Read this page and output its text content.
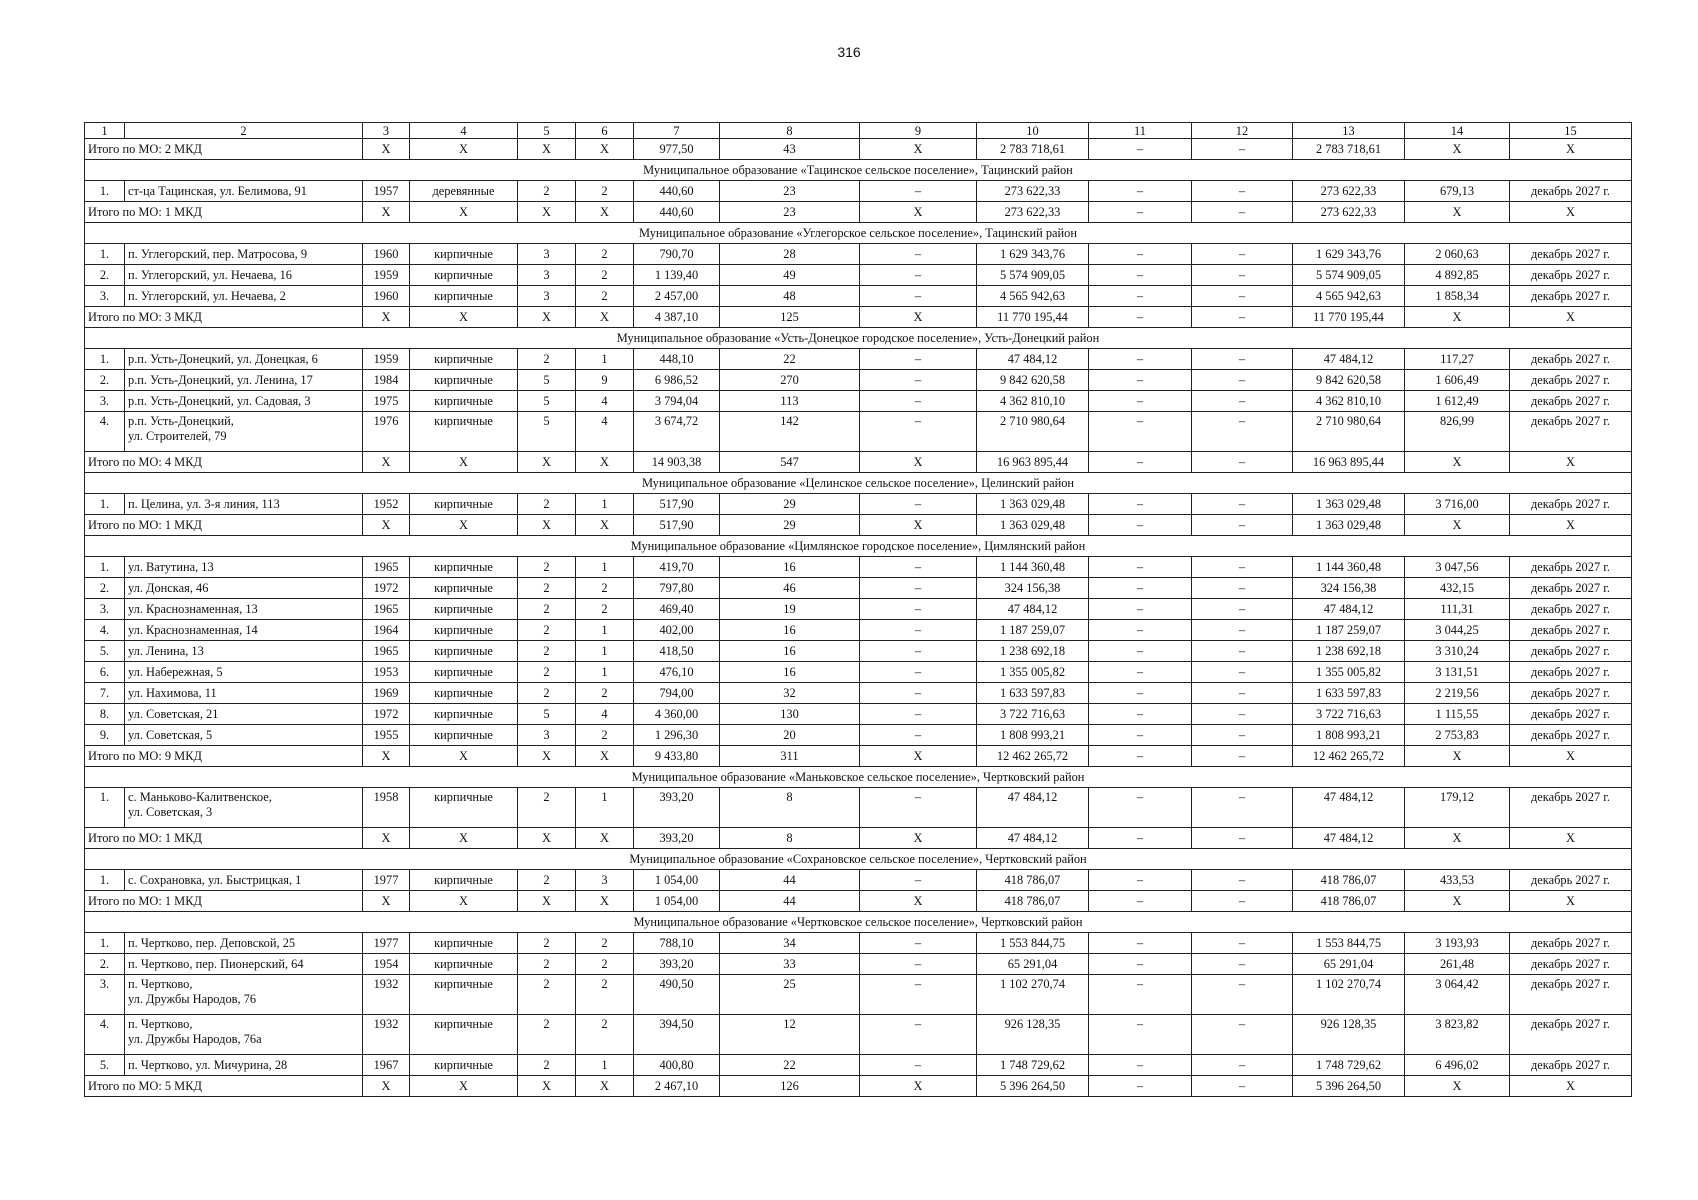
316
1	2	3	4	5	6	7	8	9	10	11	12	13	14	15
Итого по МО: 2 МКД		X	X	X	X	977,50	43	X	2 783 718,61	–	–	2 783 718,61	X	X
Муниципальное образование «Тацинское сельское поселение», Тацинский район														
1.	ст-ца Тацинская, ул. Белимова, 91	1957	деревянные	2	2	440,60	23	–	273 622,33	–	–	273 622,33	679,13	декабрь 2027 г.
Итого по МО: 1 МКД		X	X	X	X	440,60	23	X	273 622,33	–	–	273 622,33	X	X
Муниципальное образование «Углегорское сельское поселение», Тацинский район														
1.	п. Углегорский, пер. Матросова, 9	1960	кирпичные	3	2	790,70	28	–	1 629 343,76	–	–	1 629 343,76	2 060,63	декабрь 2027 г.
2.	п. Углегорский, ул. Нечаева, 16	1959	кирпичные	3	2	1 139,40	49	–	5 574 909,05	–	–	5 574 909,05	4 892,85	декабрь 2027 г.
3.	п. Углегорский, ул. Нечаева, 2	1960	кирпичные	3	2	2 457,00	48	–	4 565 942,63	–	–	4 565 942,63	1 858,34	декабрь 2027 г.
Итого по МО: 3 МКД		X	X	X	X	4 387,10	125	X	11 770 195,44	–	–	11 770 195,44	X	X
Муниципальное образование «Усть-Донецкое городское поселение», Усть-Донецкий район														
1.	р.п. Усть-Донецкий, ул. Донецкая, 6	1959	кирпичные	2	1	448,10	22	–	47 484,12	–	–	47 484,12	117,27	декабрь 2027 г.
2.	р.п. Усть-Донецкий, ул. Ленина, 17	1984	кирпичные	5	9	6 986,52	270	–	9 842 620,58	–	–	9 842 620,58	1 606,49	декабрь 2027 г.
3.	р.п. Усть-Донецкий, ул. Садовая, 3	1975	кирпичные	5	4	3 794,04	113	–	4 362 810,10	–	–	4 362 810,10	1 612,49	декабрь 2027 г.
4.	р.п. Усть-Донецкий,
ул. Строителей, 79	1976	кирпичные	5	4	3 674,72	142	–	2 710 980,64	–	–	2 710 980,64	826,99	декабрь 2027 г.
Итого по МО: 4 МКД		X	X	X	X	14 903,38	547	X	16 963 895,44	–	–	16 963 895,44	X	X
Муниципальное образование «Целинское сельское поселение», Целинский район														
1.	п. Целина, ул. 3-я линия, 113	1952	кирпичные	2	1	517,90	29	–	1 363 029,48	–	–	1 363 029,48	3 716,00	декабрь 2027 г.
Итого по МО: 1 МКД		X	X	X	X	517,90	29	X	1 363 029,48	–	–	1 363 029,48	X	X
Муниципальное образование «Цимлянское городское поселение», Цимлянский район														
1.	ул. Ватутина, 13	1965	кирпичные	2	1	419,70	16	–	1 144 360,48	–	–	1 144 360,48	3 047,56	декабрь 2027 г.
2.	ул. Донская, 46	1972	кирпичные	2	2	797,80	46	–	324 156,38	–	–	324 156,38	432,15	декабрь 2027 г.
3.	ул. Краснознаменная, 13	1965	кирпичные	2	2	469,40	19	–	47 484,12	–	–	47 484,12	111,31	декабрь 2027 г.
4.	ул. Краснознаменная, 14	1964	кирпичные	2	1	402,00	16	–	1 187 259,07	–	–	1 187 259,07	3 044,25	декабрь 2027 г.
5.	ул. Ленина, 13	1965	кирпичные	2	1	418,50	16	–	1 238 692,18	–	–	1 238 692,18	3 310,24	декабрь 2027 г.
6.	ул. Набережная, 5	1953	кирпичные	2	1	476,10	16	–	1 355 005,82	–	–	1 355 005,82	3 131,51	декабрь 2027 г.
7.	ул. Нахимова, 11	1969	кирпичные	2	2	794,00	32	–	1 633 597,83	–	–	1 633 597,83	2 219,56	декабрь 2027 г.
8.	ул. Советская, 21	1972	кирпичные	5	4	4 360,00	130	–	3 722 716,63	–	–	3 722 716,63	1 115,55	декабрь 2027 г.
9.	ул. Советская, 5	1955	кирпичные	3	2	1 296,30	20	–	1 808 993,21	–	–	1 808 993,21	2 753,83	декабрь 2027 г.
Итого по МО: 9 МКД		X	X	X	X	9 433,80	311	X	12 462 265,72	–	–	12 462 265,72	X	X
Муниципальное образование «Маньковское сельское поселение», Чертковский район														
1.	с. Маньково-Калитвенское,
ул. Советская, 3	1958	кирпичные	2	1	393,20	8	–	47 484,12	–	–	47 484,12	179,12	декабрь 2027 г.
Итого по МО: 1 МКД		X	X	X	X	393,20	8	X	47 484,12	–	–	47 484,12	X	X
Муниципальное образование «Сохрановское сельское поселение», Чертковский район														
1.	с. Сохрановка, ул. Быстрицкая, 1	1977	кирпичные	2	3	1 054,00	44	–	418 786,07	–	–	418 786,07	433,53	декабрь 2027 г.
Итого по МО: 1 МКД		X	X	X	X	1 054,00	44	X	418 786,07	–	–	418 786,07	X	X
Муниципальное образование «Чертковское сельское поселение», Чертковский район														
1.	п. Чертково, пер. Деповской, 25	1977	кирпичные	2	2	788,10	34	–	1 553 844,75	–	–	1 553 844,75	3 193,93	декабрь 2027 г.
2.	п. Чертково, пер. Пионерский, 64	1954	кирпичные	2	2	393,20	33	–	65 291,04	–	–	65 291,04	261,48	декабрь 2027 г.
3.	п. Чертково,
ул. Дружбы Народов, 76	1932	кирпичные	2	2	490,50	25	–	1 102 270,74	–	–	1 102 270,74	3 064,42	декабрь 2027 г.
4.	п. Чертково,
ул. Дружбы Народов, 76а	1932	кирпичные	2	2	394,50	12	–	926 128,35	–	–	926 128,35	3 823,82	декабрь 2027 г.
5.	п. Чертково, ул. Мичурина, 28	1967	кирпичные	2	1	400,80	22	–	1 748 729,62	–	–	1 748 729,62	6 496,02	декабрь 2027 г.
Итого по МО: 5 МКД		X	X	X	X	2 467,10	126	X	5 396 264,50	–	–	5 396 264,50	X	X
